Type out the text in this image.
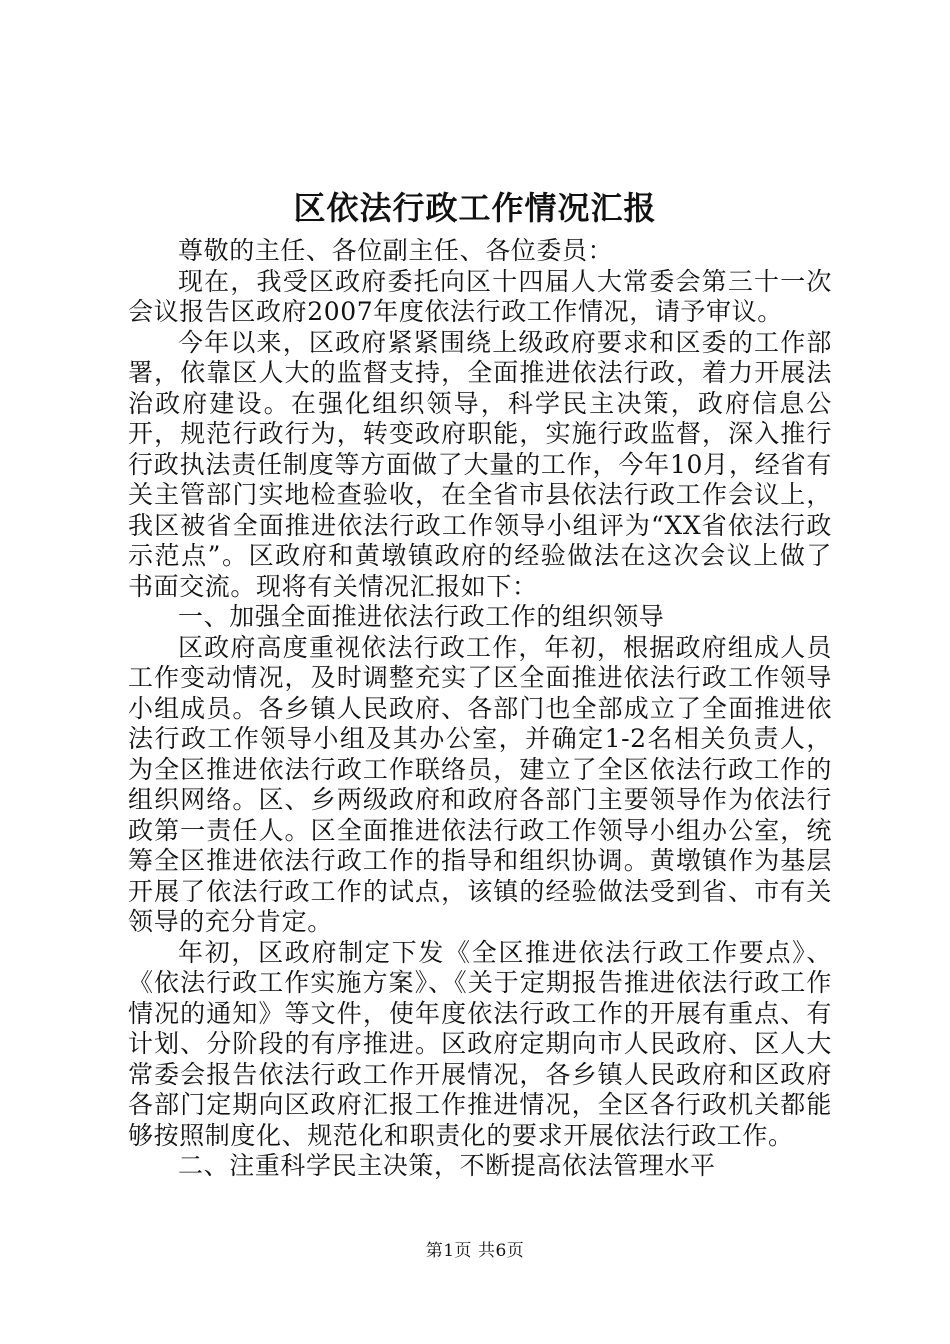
区依法行政工作情况汇报

尊敬的主任、各位副主任、各位委员：

现在，我受区政府委托向区十四届人大常委会第三十一次会议报告区政府2007年度依法行政工作情况，请予审议。

今年以来，区政府紧紧围绕上级政府要求和区委的工作部署，依靠区人大的监督支持，全面推进依法行政，着力开展法治政府建设。在强化组织领导，科学民主决策，政府信息公开，规范行政行为，转变政府职能，实施行政监督，深入推行行政执法责任制度等方面做了大量的工作，今年10月，经省有关主管部门实地检查验收，在全省市县依法行政工作会议上，我区被省全面推进依法行政工作领导小组评为“XX省依法行政示范点”。区政府和黄墩镇政府的经验做法在这次会议上做了书面交流。现将有关情况汇报如下：

一、加强全面推进依法行政工作的组织领导

区政府高度重视依法行政工作，年初，根据政府组成人员工作变动情况，及时调整充实了区全面推进依法行政工作领导小组成员。各乡镇人民政府、各部门也全部成立了全面推进依法行政工作领导小组及其办公室，并确定1-2名相关负责人，为全区推进依法行政工作联络员，建立了全区依法行政工作的组织网络。区、乡两级政府和政府各部门主要领导作为依法行政第一责任人。区全面推进依法行政工作领导小组办公室，统筹全区推进依法行政工作的指导和组织协调。黄墩镇作为基层开展了依法行政工作的试点，该镇的经验做法受到省、市有关领导的充分肯定。

年初，区政府制定下发《全区推进依法行政工作要点》、《依法行政工作实施方案》、《关于定期报告推进依法行政工作情况的通知》等文件，使年度依法行政工作的开展有重点、有计划、分阶段的有序推进。区政府定期向市人民政府、区人大常委会报告依法行政工作开展情况，各乡镇人民政府和区政府各部门定期向区政府汇报工作推进情况，全区各行政机关都能够按照制度化、规范化和职责化的要求开展依法行政工作。

二、注重科学民主决策，不断提高依法管理水平

第1页 共6页
